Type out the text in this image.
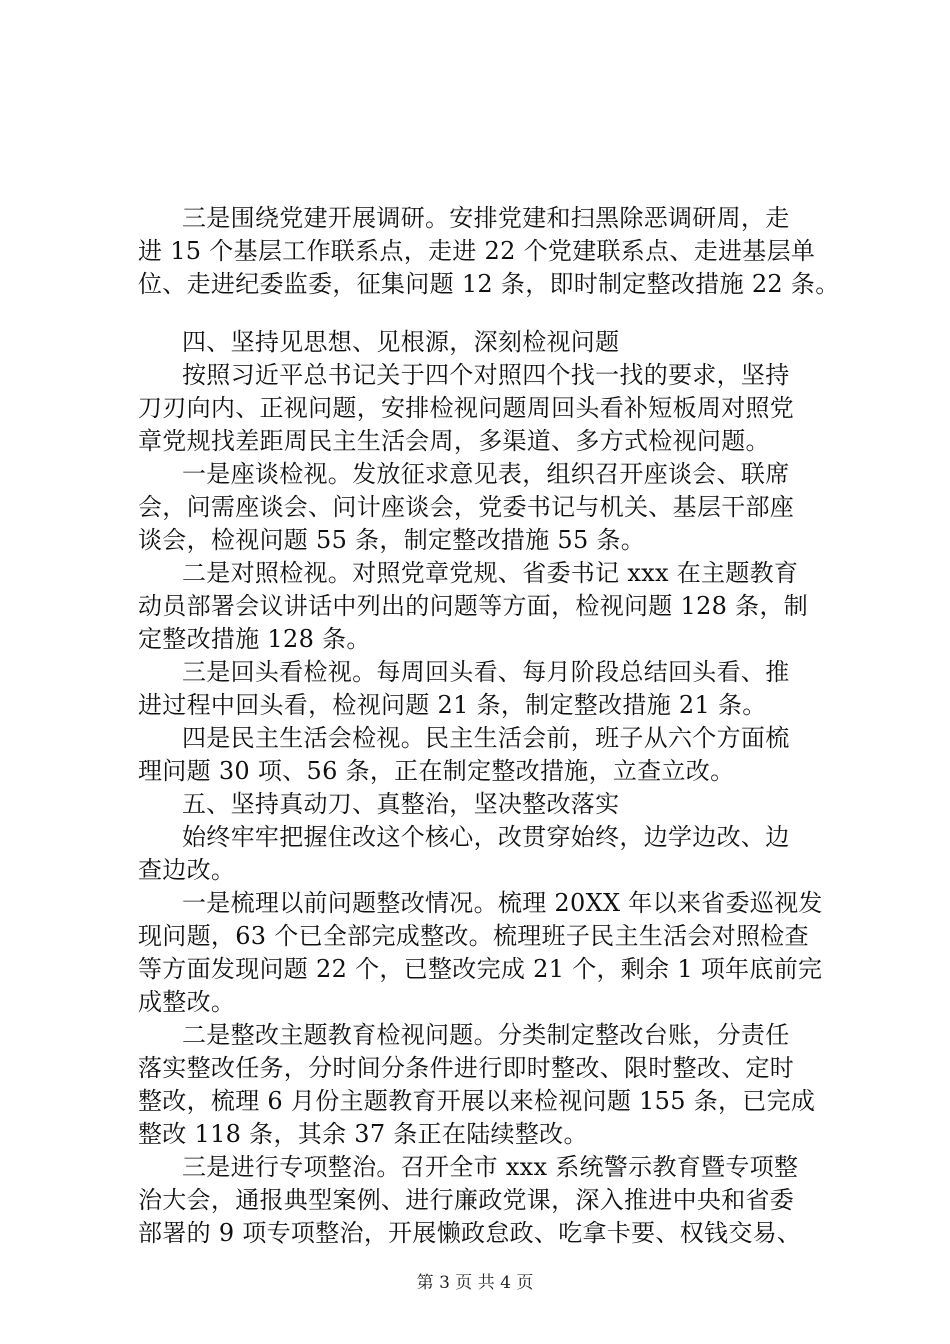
三是围绕党建开展调研。安排党建和扫黑除恶调研周，走
进 15 个基层工作联系点，走进 22 个党建联系点、走进基层单
位、走进纪委监委，征集问题 12 条，即时制定整改措施 22 条。
四、坚持见思想、见根源，深刻检视问题
按照习近平总书记关于四个对照四个找一找的要求，坚持
刀刃向内、正视问题，安排检视问题周回头看补短板周对照党
章党规找差距周民主生活会周，多渠道、多方式检视问题。
一是座谈检视。发放征求意见表，组织召开座谈会、联席
会，问需座谈会、问计座谈会，党委书记与机关、基层干部座
谈会，检视问题 55 条，制定整改措施 55 条。
二是对照检视。对照党章党规、省委书记 xxx 在主题教育
动员部署会议讲话中列出的问题等方面，检视问题 128 条，制
定整改措施 128 条。
三是回头看检视。每周回头看、每月阶段总结回头看、推
进过程中回头看，检视问题 21 条，制定整改措施 21 条。
四是民主生活会检视。民主生活会前，班子从六个方面梳
理问题 30 项、56 条，正在制定整改措施，立查立改。
五、坚持真动刀、真整治，坚决整改落实
始终牢牢把握住改这个核心，改贯穿始终，边学边改、边
查边改。
一是梳理以前问题整改情况。梳理 20XX 年以来省委巡视发
现问题，63 个已全部完成整改。梳理班子民主生活会对照检查
等方面发现问题 22 个，已整改完成 21 个，剩余 1 项年底前完
成整改。
二是整改主题教育检视问题。分类制定整改台账，分责任
落实整改任务，分时间分条件进行即时整改、限时整改、定时
整改，梳理 6 月份主题教育开展以来检视问题 155 条，已完成
整改 118 条，其余 37 条正在陆续整改。
三是进行专项整治。召开全市 xxx 系统警示教育暨专项整
治大会，通报典型案例、进行廉政党课，深入推进中央和省委
部署的 9 项专项整治，开展懒政怠政、吃拿卡要、权钱交易、
第 3 页 共 4 页
